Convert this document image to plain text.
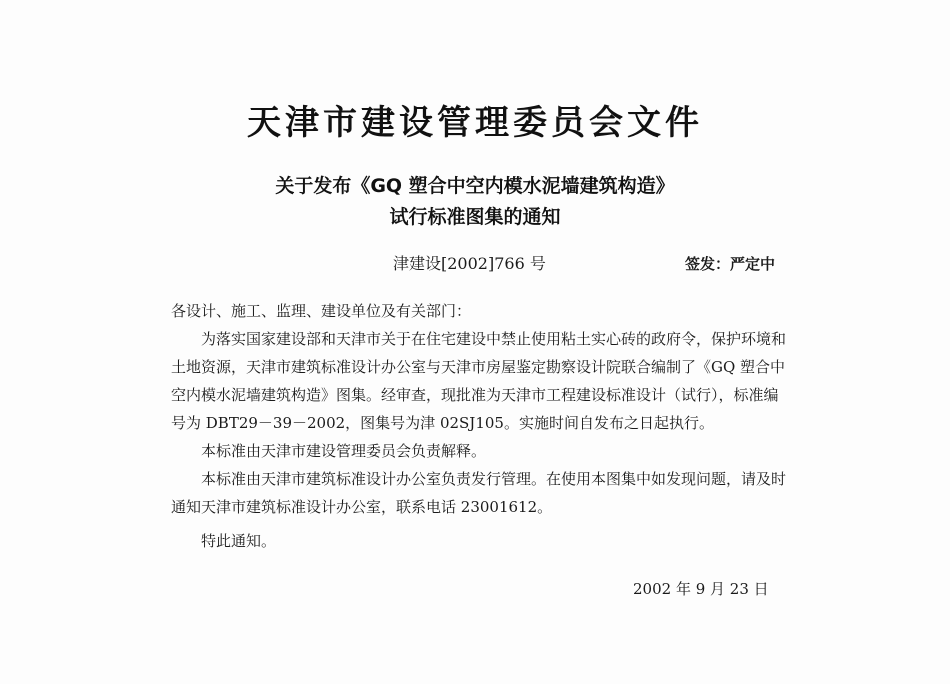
天津市建设管理委员会文件
关于发布《GQ 塑合中空内模水泥墙建筑构造》
试行标准图集的通知
津建设[2002]766 号	签发：严定中

各设计、施工、监理、建设单位及有关部门：

为落实国家建设部和天津市关于在住宅建设中禁止使用粘土实心砖的政府令，保护环境和土地资源，天津市建筑标准设计办公室与天津市房屋鉴定勘察设计院联合编制了《GQ 塑合中空内模水泥墙建筑构造》图集。经审查，现批准为天津市工程建设标准设计（试行），标准编号为 DBT29－39－2002，图集号为津 02SJ105。实施时间自发布之日起执行。

本标准由天津市建设管理委员会负责解释。

本标准由天津市建筑标准设计办公室负责发行管理。在使用本图集中如发现问题，请及时通知天津市建筑标准设计办公室，联系电话 23001612。

特此通知。

2002 年 9 月 23 日
